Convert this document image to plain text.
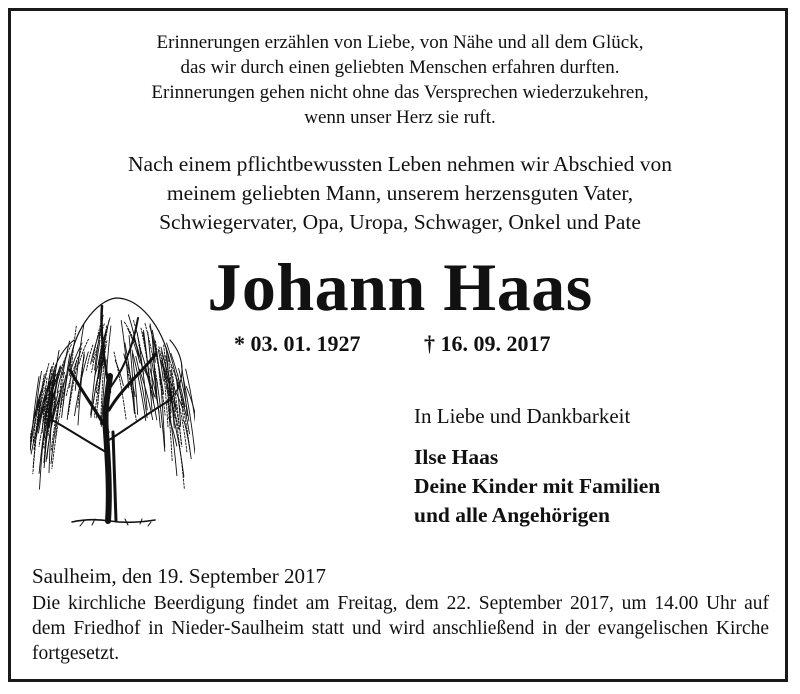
Erinnerungen erzählen von Liebe, von Nähe und all dem Glück,
das wir durch einen geliebten Menschen erfahren durften.
Erinnerungen gehen nicht ohne das Versprechen wiederzukehren,
wenn unser Herz sie ruft.
Nach einem pflichtbewussten Leben nehmen wir Abschied von
meinem geliebten Mann, unserem herzensguten Vater,
Schwiegervater, Opa, Uropa, Schwager, Onkel und Pate
Johann Haas
* 03. 01. 1927	† 16. 09. 2017
In Liebe und Dankbarkeit
Ilse Haas
Deine Kinder mit Familien
und alle Angehörigen
Saulheim, den 19. September 2017
Die kirchliche Beerdigung findet am Freitag, dem 22. September 2017, um 14.00 Uhr auf dem Friedhof in Nieder-Saulheim statt und wird anschließend in der evangelischen Kirche fortgesetzt.
